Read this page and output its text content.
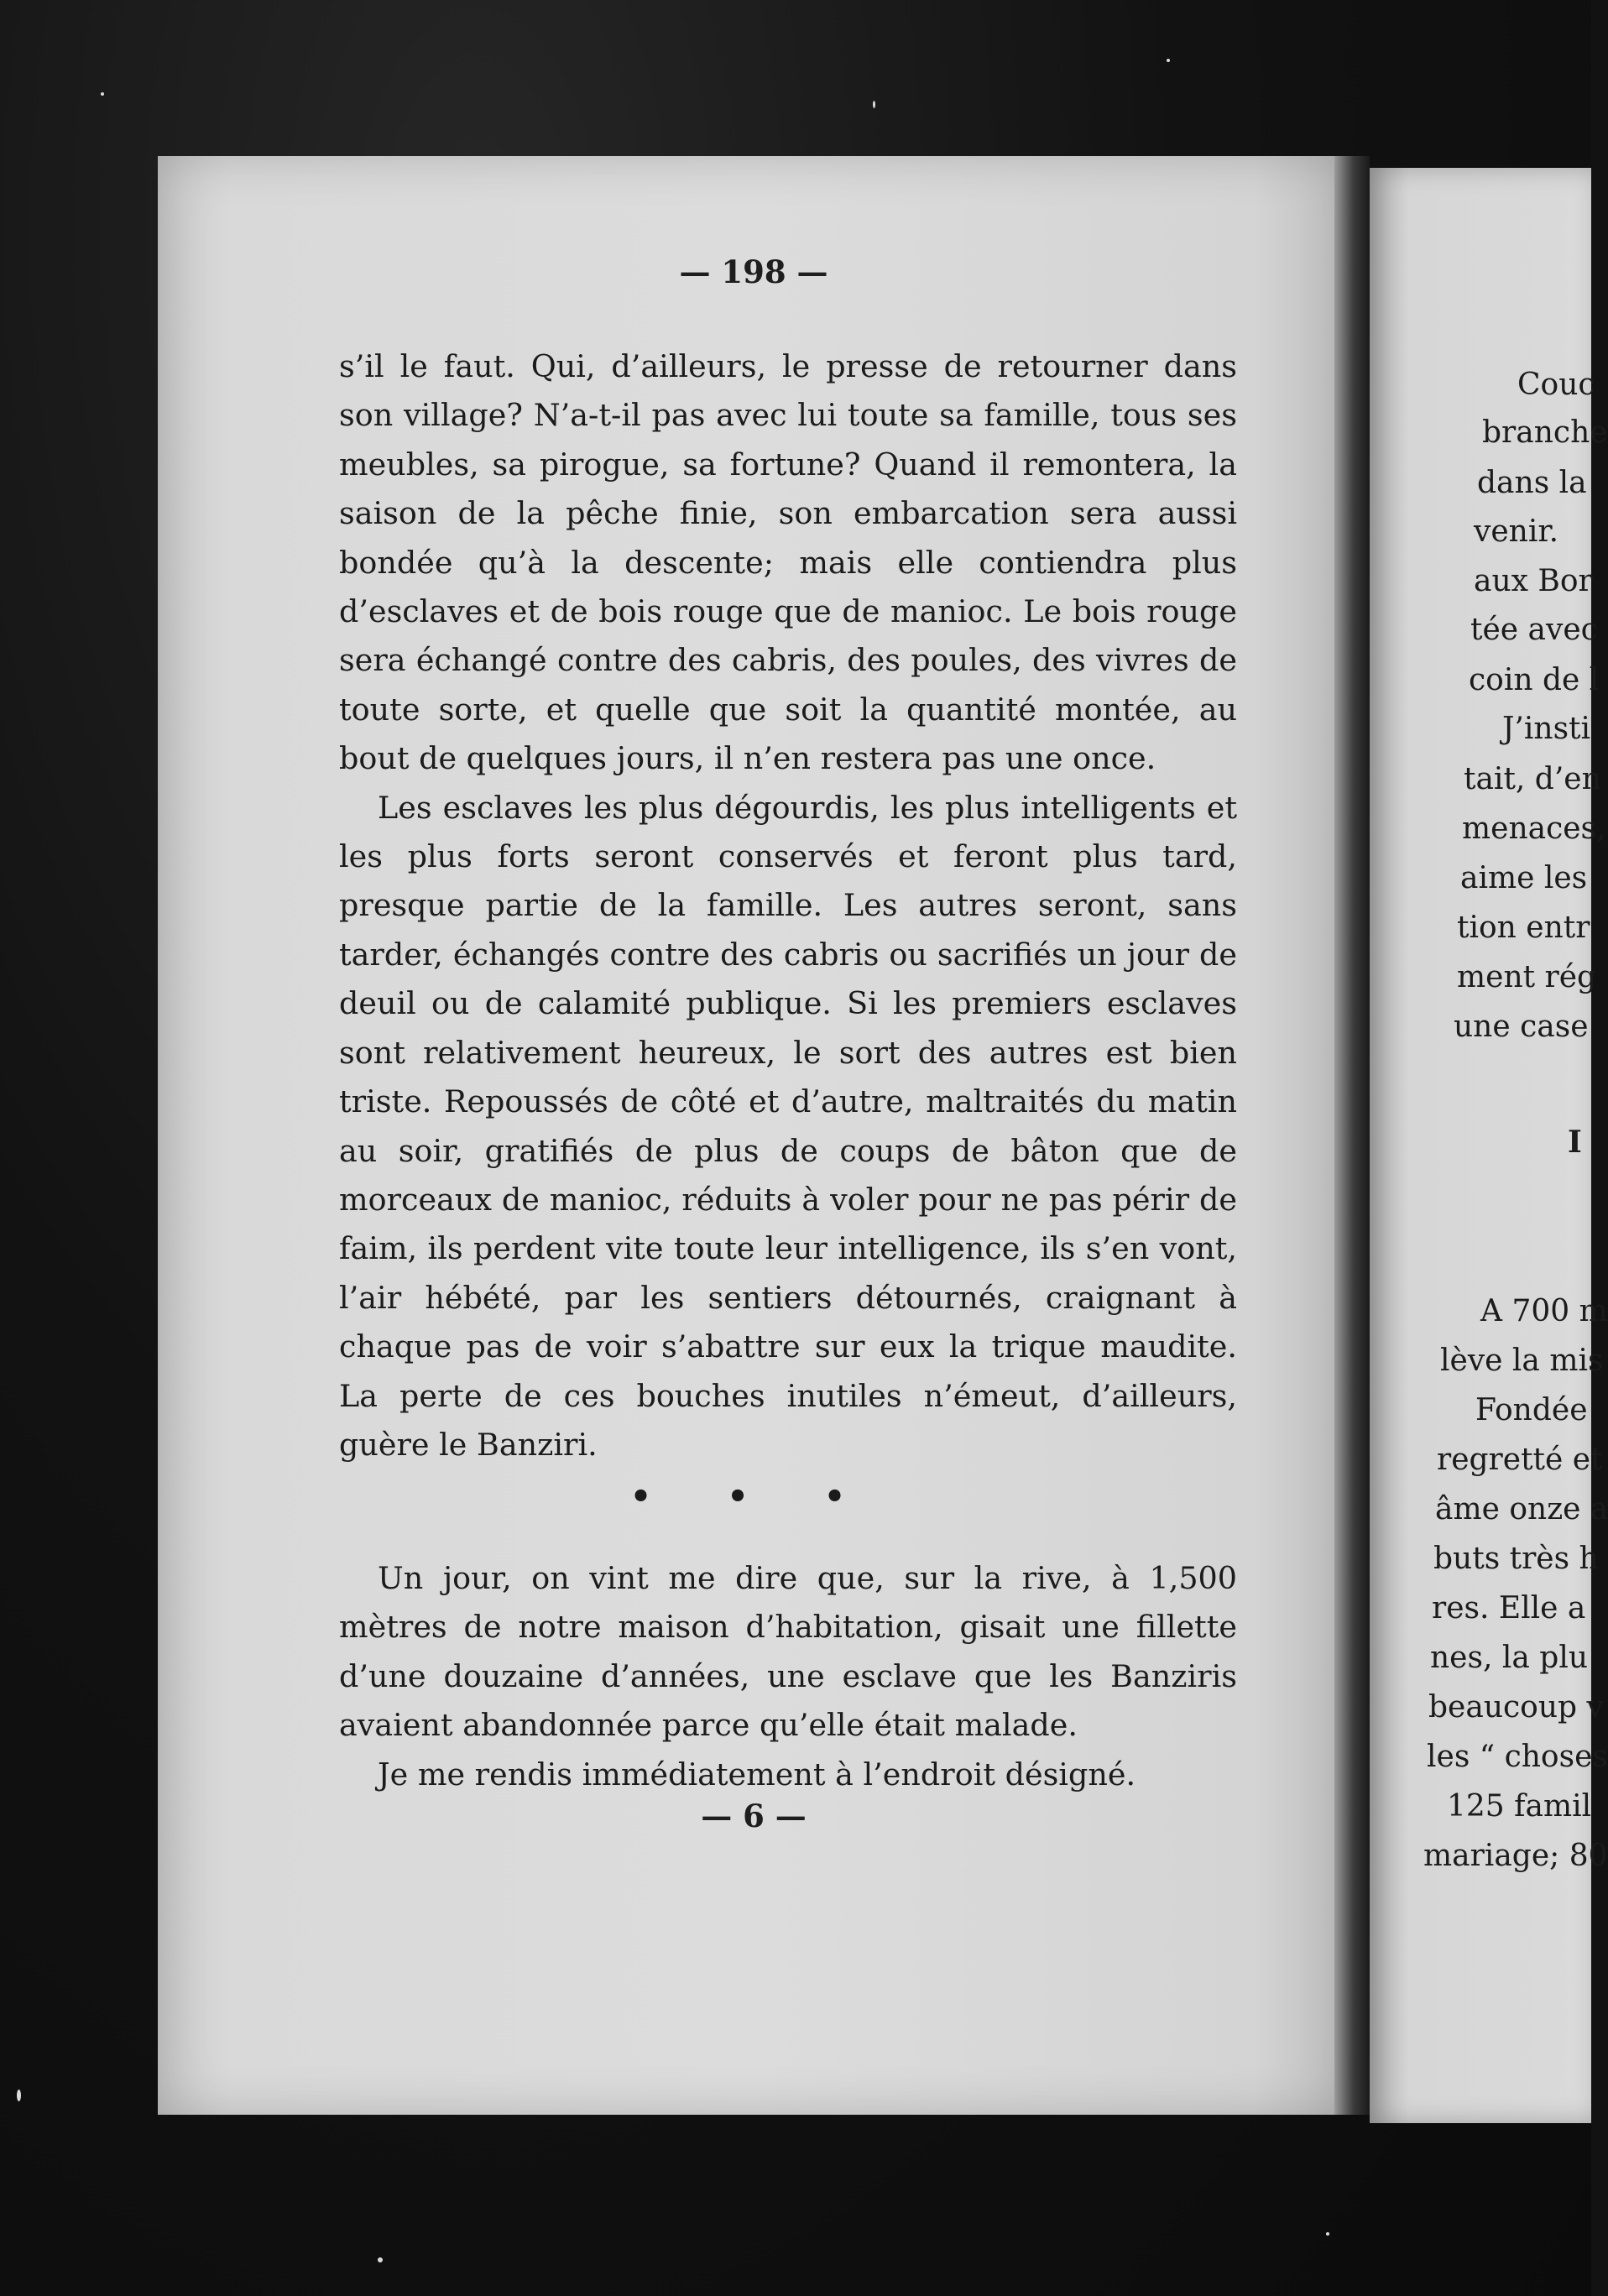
Couc
branche
dans la
venir.
aux Bor
tée avec
coin de l
J’insti
tait, d’en
menaces,
aime les
tion entr
ment rég
une case
I
A 700 m
lève la mis
Fondée
regretté et
âme onze a
buts très h
res. Elle a
nes, la plu
beaucoup v
les “ choses
125 famil
mariage; 80
— 198 —

s’il le faut. Qui, d’ailleurs, le presse de retourner dans son village? N’a-t-il pas avec lui toute sa famille, tous ses meubles, sa pirogue, sa fortune? Quand il remontera, la saison de la pêche finie, son embarcation sera aussi bondée qu’à la descente; mais elle contiendra plus d’esclaves et de bois rouge que de manioc. Le bois rouge sera échangé contre des cabris, des poules, des vivres de toute sorte, et quelle que soit la quantité montée, au bout de quelques jours, il n’en restera pas une once.

Les esclaves les plus dégourdis, les plus intelligents et les plus forts seront conservés et feront plus tard, presque partie de la famille. Les autres seront, sans tarder, échangés contre des cabris ou sacrifiés un jour de deuil ou de calamité publique. Si les premiers esclaves sont relativement heureux, le sort des autres est bien triste. Repoussés de côté et d’autre, maltraités du matin au soir, gratifiés de plus de coups de bâton que de morceaux de manioc, réduits à voler pour ne pas périr de faim, ils perdent vite toute leur intelligence, ils s’en vont, l’air hébété, par les sentiers détournés, craignant à chaque pas de voir s’abattre sur eux la trique maudite. La perte de ces bouches inutiles n’émeut, d’ailleurs, guère le Banziri.

• • •

Un jour, on vint me dire que, sur la rive, à 1,500 mètres de notre maison d’habitation, gisait une fillette d’une douzaine d’années, une esclave que les Banziris avaient abandonnée parce qu’elle était malade.

Je me rendis immédiatement à l’endroit désigné.

— 6 —
